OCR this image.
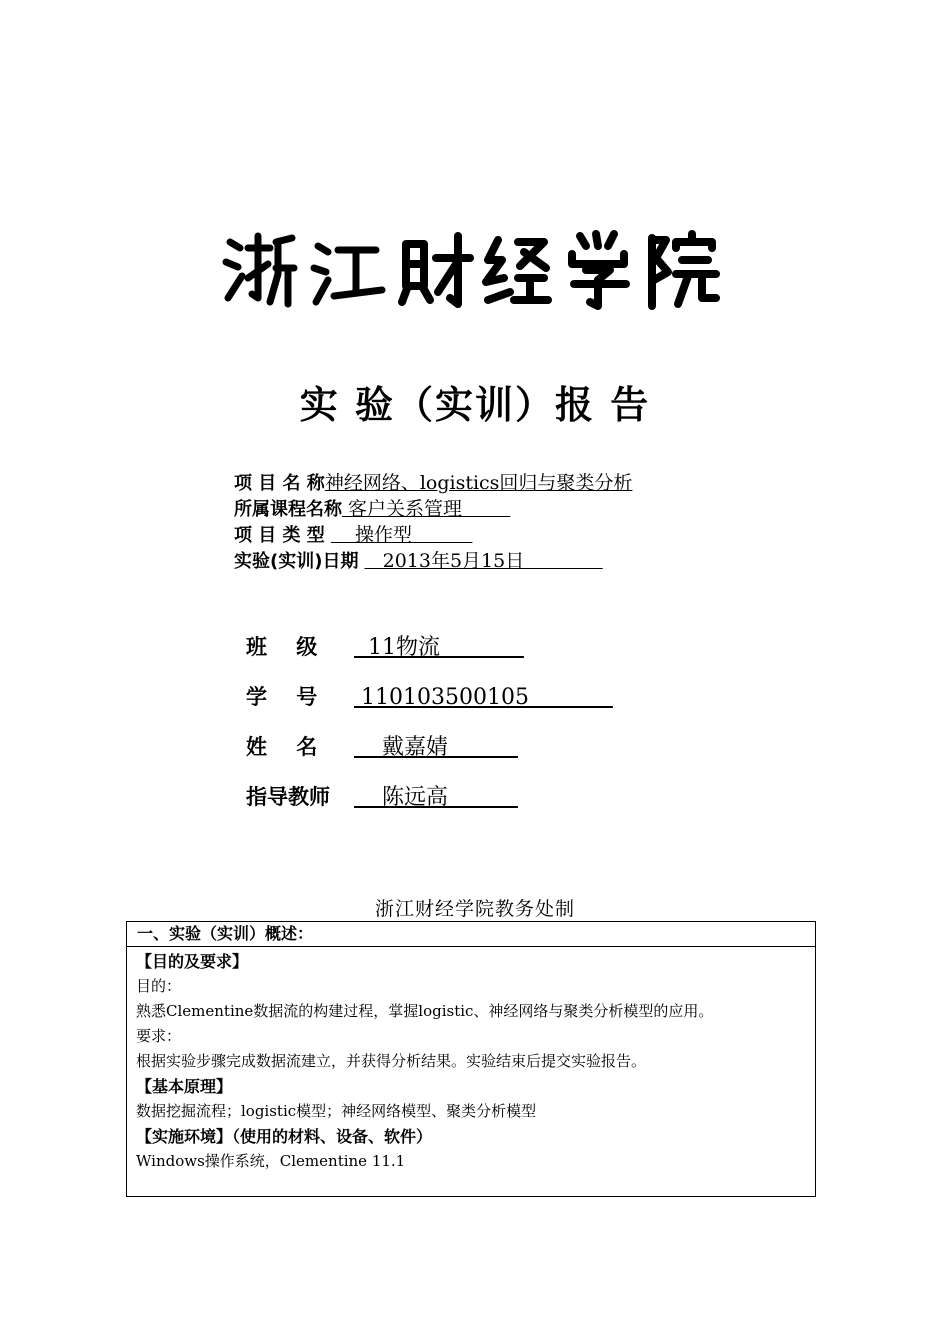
浙江财经学院
实 验（实训）报 告
项 目 名 称神经网络、logistics回归与聚类分析
所属课程名称 客户关系管理
项 目 类 型     操作型
实验(实训)日期    2013年5月15日
班    级  11物流
学    号 110103500105
姓    名    戴嘉婧
指导教师    陈远高
浙江财经学院教务处制
一、实验（实训）概述：
【目的及要求】
目的：
熟悉Clementine数据流的构建过程，掌握logistic、神经网络与聚类分析模型的应用。
要求：
根据实验步骤完成数据流建立，并获得分析结果。实验结束后提交实验报告。
【基本原理】
数据挖掘流程；logistic模型；神经网络模型、聚类分析模型
【实施环境】（使用的材料、设备、软件）
Windows操作系统，Clementine 11.1
